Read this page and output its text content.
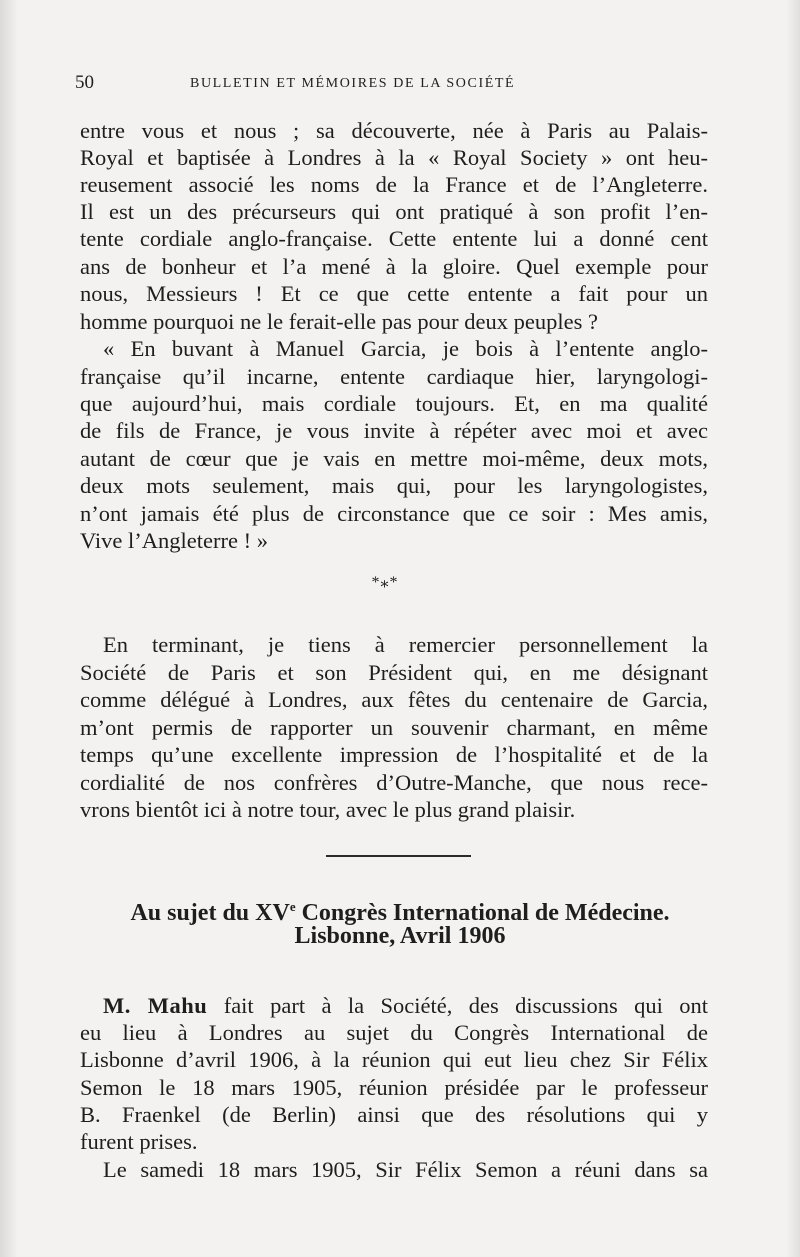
50	BULLETIN ET MÉMOIRES DE LA SOCIÉTÉ
entre vous et nous ; sa découverte, née à Paris au Palais-
Royal et baptisée à Londres à la « Royal Society » ont heu-
reusement associé les noms de la France et de l’Angleterre.
Il est un des précurseurs qui ont pratiqué à son profit l’en-
tente cordiale anglo-française. Cette entente lui a donné cent
ans de bonheur et l’a mené à la gloire. Quel exemple pour
nous, Messieurs ! Et ce que cette entente a fait pour un
homme pourquoi ne le ferait-elle pas pour deux peuples ?
« En buvant à Manuel Garcia, je bois à l’entente anglo-
française qu’il incarne, entente cardiaque hier, laryngologi-
que aujourd’hui, mais cordiale toujours. Et, en ma qualité
de fils de France, je vous invite à répéter avec moi et avec
autant de cœur que je vais en mettre moi-même, deux mots,
deux mots seulement, mais qui, pour les laryngologistes,
n’ont jamais été plus de circonstance que ce soir : Mes amis,
Vive l’Angleterre ! »
*⁎*
En terminant, je tiens à remercier personnellement la
Société de Paris et son Président qui, en me désignant
comme délégué à Londres, aux fêtes du centenaire de Garcia,
m’ont permis de rapporter un souvenir charmant, en même
temps qu’une excellente impression de l’hospitalité et de la
cordialité de nos confrères d’Outre-Manche, que nous rece-
vrons bientôt ici à notre tour, avec le plus grand plaisir.
Au sujet du XVe Congrès International de Médecine.
Lisbonne, Avril 1906
M. Mahu fait part à la Société, des discussions qui ont
eu lieu à Londres au sujet du Congrès International de
Lisbonne d’avril 1906, à la réunion qui eut lieu chez Sir Félix
Semon le 18 mars 1905, réunion présidée par le professeur
B. Fraenkel (de Berlin) ainsi que des résolutions qui y
furent prises.
Le samedi 18 mars 1905, Sir Félix Semon a réuni dans sa
